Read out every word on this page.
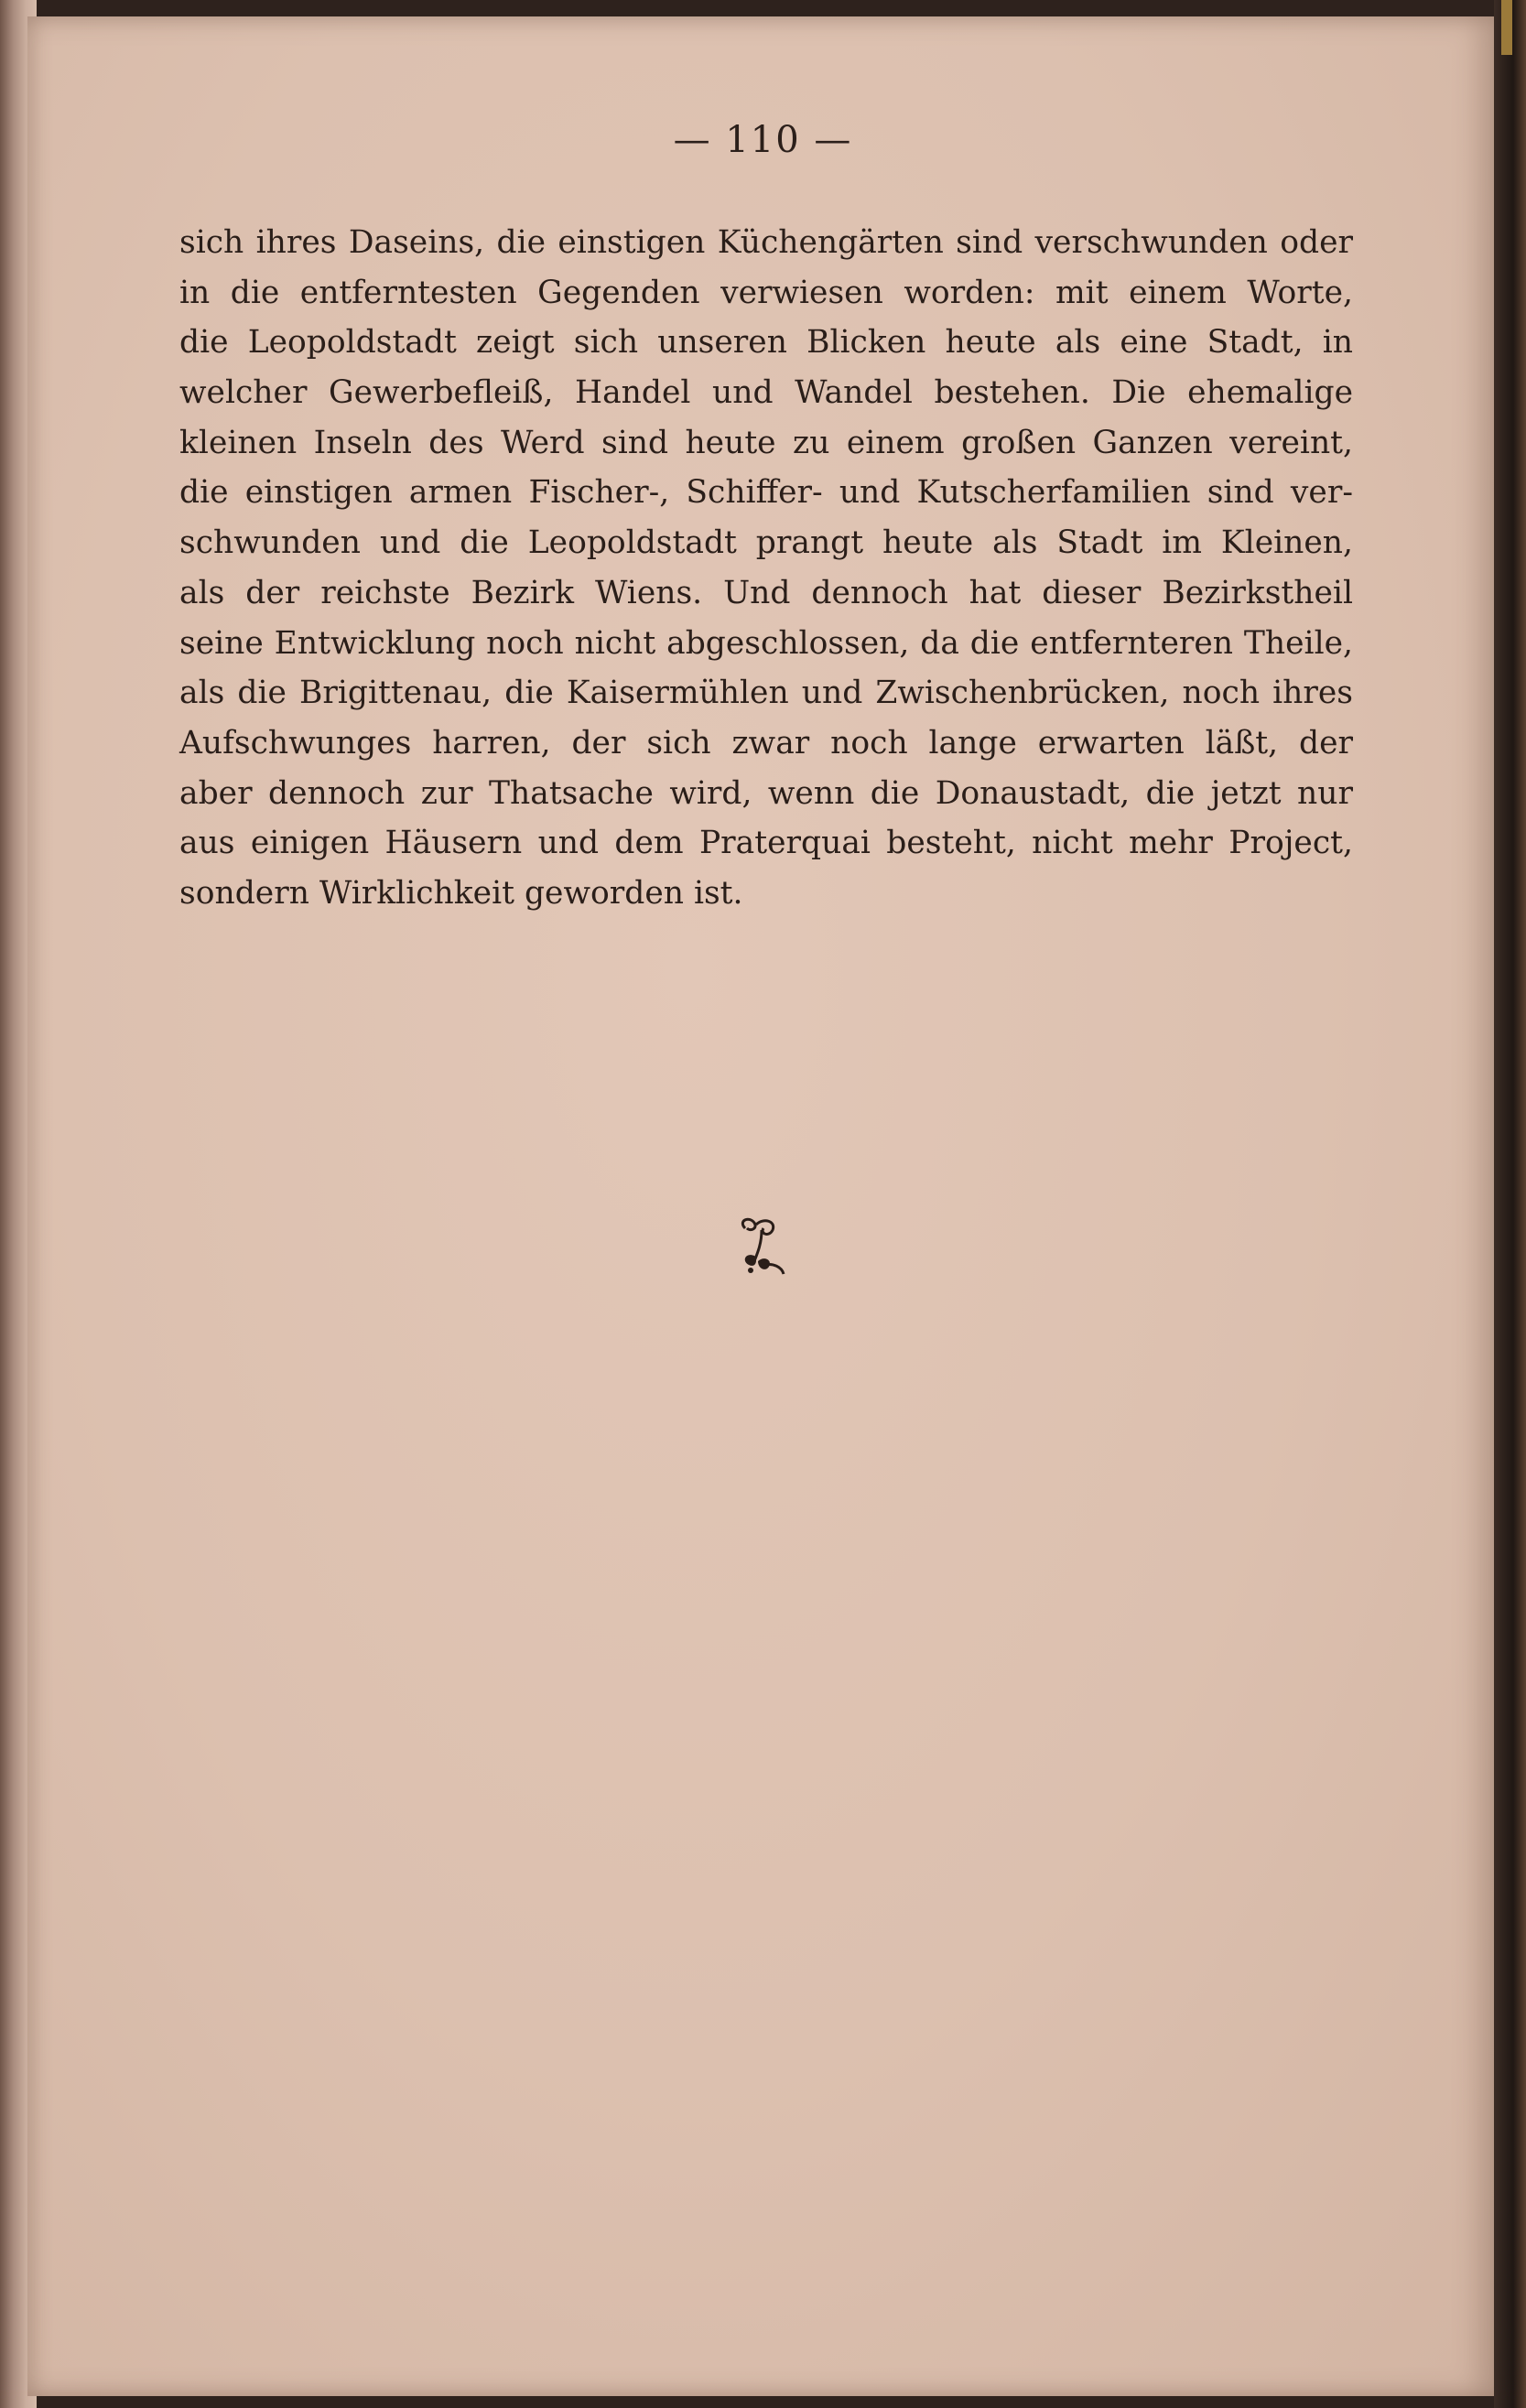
— 110 —
sich ihres Daseins, die einstigen Küchengärten sind verschwunden oder
in die entferntesten Gegenden verwiesen worden: mit einem Worte,
die Leopoldstadt zeigt sich unseren Blicken heute als eine Stadt, in
welcher Gewerbefleiß, Handel und Wandel bestehen. Die ehemalige
kleinen Inseln des Werd sind heute zu einem großen Ganzen vereint,
die einstigen armen Fischer-, Schiffer- und Kutscherfamilien sind ver-
schwunden und die Leopoldstadt prangt heute als Stadt im Kleinen,
als der reichste Bezirk Wiens. Und dennoch hat dieser Bezirkstheil
seine Entwicklung noch nicht abgeschlossen, da die entfernteren Theile,
als die Brigittenau, die Kaisermühlen und Zwischenbrücken, noch ihres
Aufschwunges harren, der sich zwar noch lange erwarten läßt, der
aber dennoch zur Thatsache wird, wenn die Donaustadt, die jetzt nur
aus einigen Häusern und dem Praterquai besteht, nicht mehr Project,
sondern Wirklichkeit geworden ist.
